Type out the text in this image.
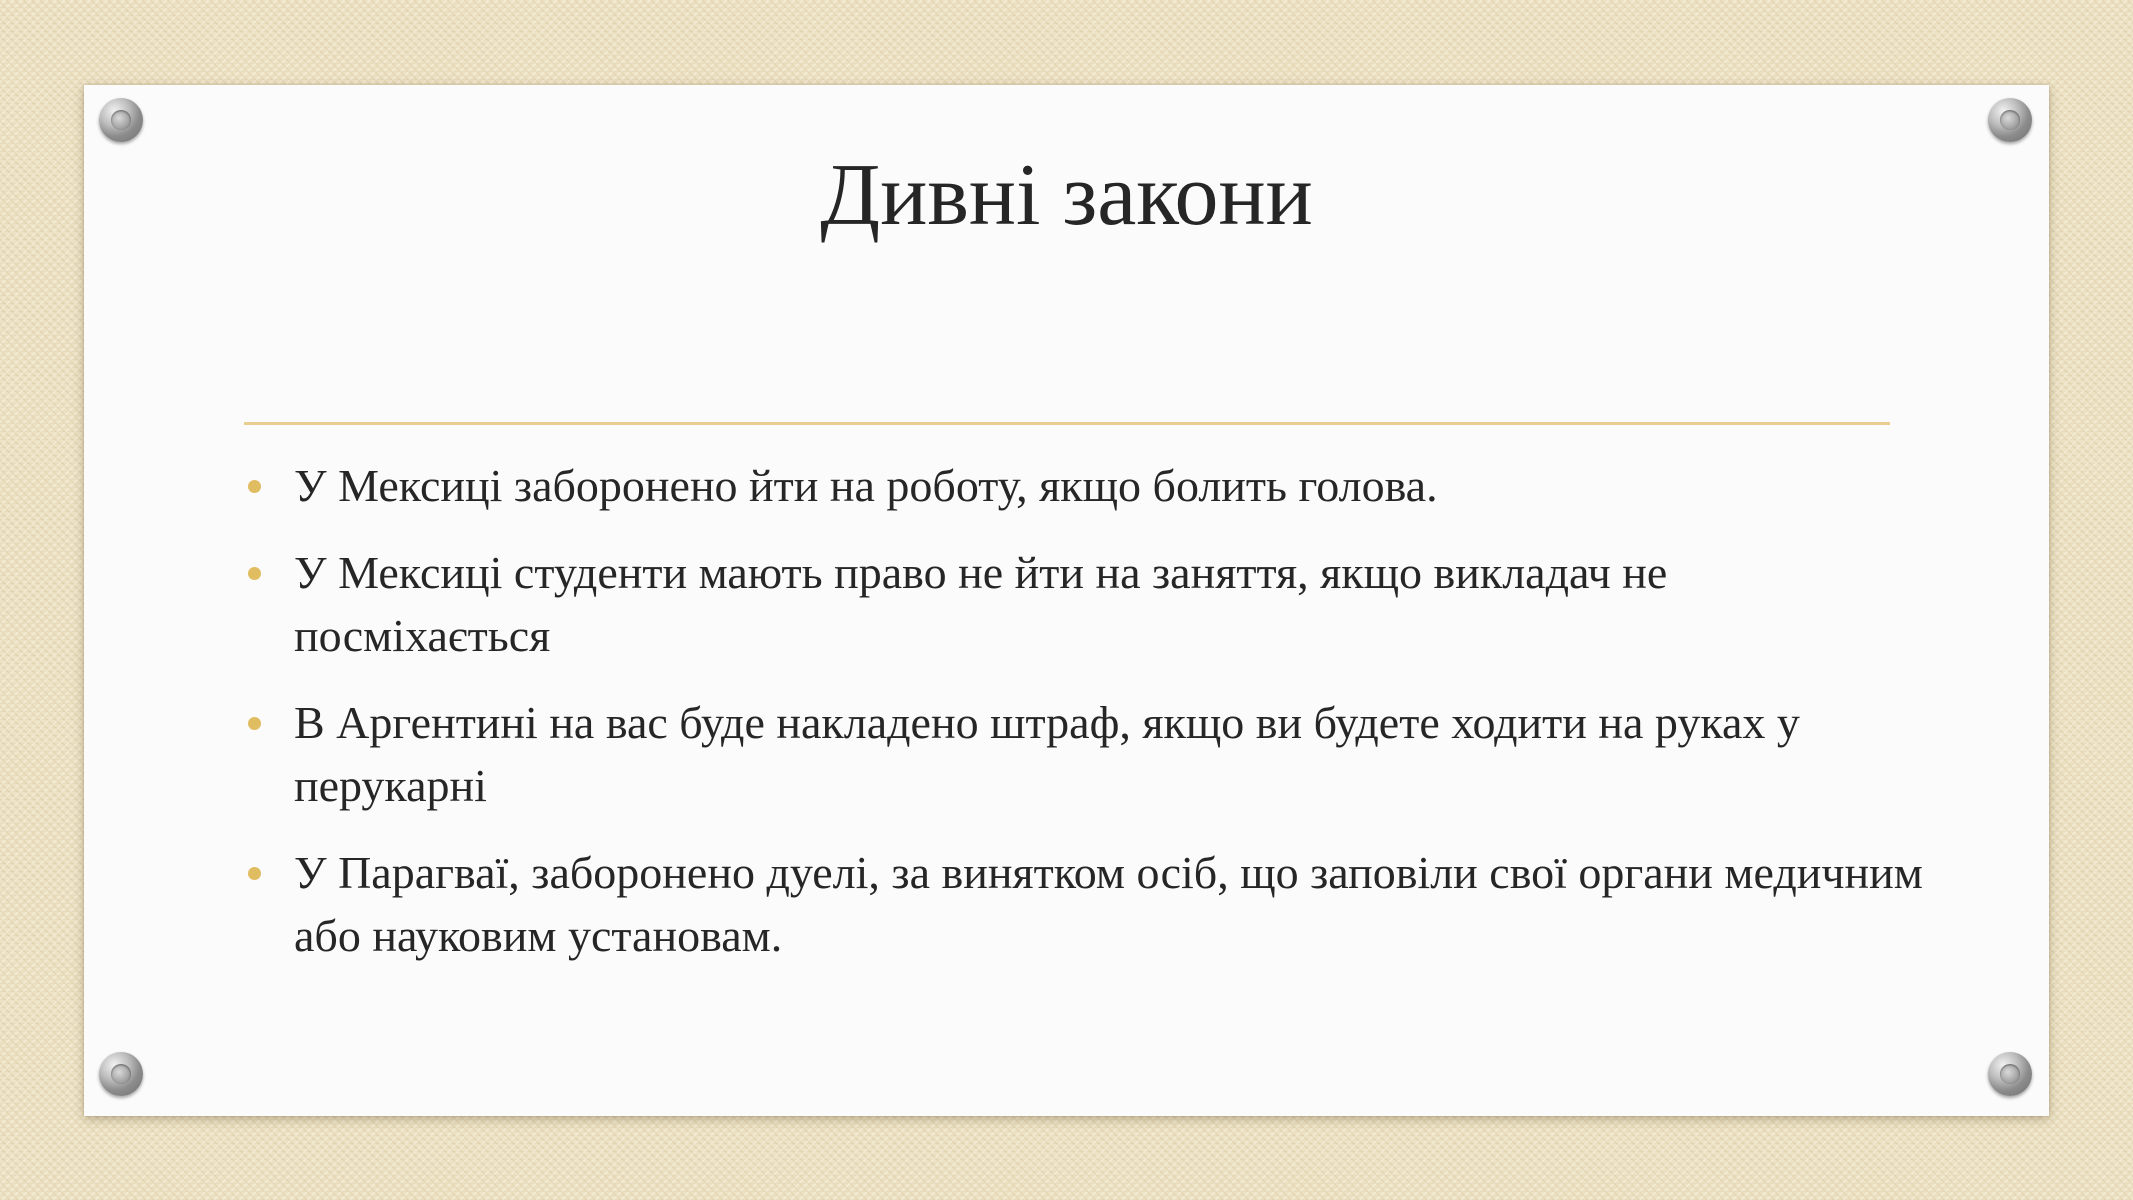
Дивні закони
У Мексиці заборонено йти на роботу, якщо болить голова.
У Мексиці студенти мають право не йти на заняття, якщо викладач не посміхається
В Аргентині на вас буде накладено штраф, якщо ви будете ходити на руках у перукарні
У Парагваї, заборонено дуелі, за винятком осіб, що заповіли свої органи медичним або науковим установам.
